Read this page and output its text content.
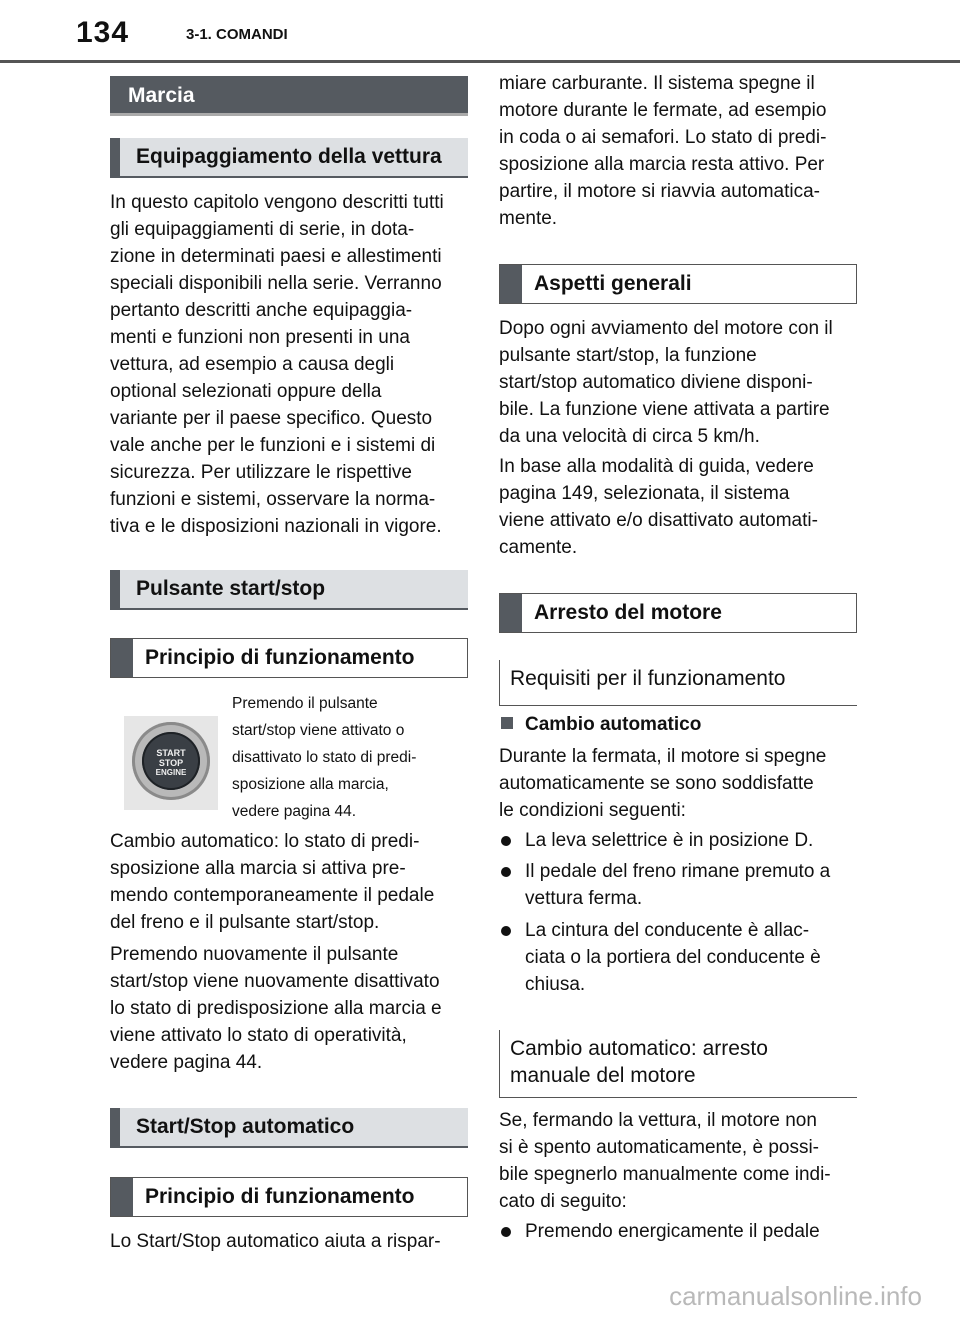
134	3-1. COMANDI
Marcia
Equipaggiamento della vettura
In questo capitolo vengono descritti tutti
gli equipaggiamenti di serie, in dota-
zione in determinati paesi e allestimenti
speciali disponibili nella serie. Verranno
pertanto descritti anche equipaggia-
menti e funzioni non presenti in una
vettura, ad esempio a causa degli
optional selezionati oppure della
variante per il paese specifico. Questo
vale anche per le funzioni e i sistemi di
sicurezza. Per utilizzare le rispettive
funzioni e sistemi, osservare la norma-
tiva e le disposizioni nazionali in vigore.
Pulsante start/stop
Principio di funzionamento
START
STOP
ENGINE
Premendo il pulsante
start/stop viene attivato o
disattivato lo stato di predi-
sposizione alla marcia,
vedere pagina 44.
Cambio automatico: lo stato di predi-
sposizione alla marcia si attiva pre-
mendo contemporaneamente il pedale
del freno e il pulsante start/stop.
Premendo nuovamente il pulsante
start/stop viene nuovamente disattivato
lo stato di predisposizione alla marcia e
viene attivato lo stato di operatività,
vedere pagina 44.
Start/Stop automatico
Principio di funzionamento
Lo Start/Stop automatico aiuta a rispar-
miare carburante. Il sistema spegne il
motore durante le fermate, ad esempio
in coda o ai semafori. Lo stato di predi-
sposizione alla marcia resta attivo. Per
partire, il motore si riavvia automatica-
mente.
Aspetti generali
Dopo ogni avviamento del motore con il
pulsante start/stop, la funzione
start/stop automatico diviene disponi-
bile. La funzione viene attivata a partire
da una velocità di circa 5 km/h.
In base alla modalità di guida, vedere
pagina 149, selezionata, il sistema
viene attivato e/o disattivato automati-
camente.
Arresto del motore
Requisiti per il funzionamento
Cambio automatico
Durante la fermata, il motore si spegne
automaticamente se sono soddisfatte
le condizioni seguenti:
La leva selettrice è in posizione D.
Il pedale del freno rimane premuto a
vettura ferma.
La cintura del conducente è allac-
ciata o la portiera del conducente è
chiusa.
Cambio automatico: arresto
manuale del motore
Se, fermando la vettura, il motore non
si è spento automaticamente, è possi-
bile spegnerlo manualmente come indi-
cato di seguito:
Premendo energicamente il pedale
carmanualsonline.info
